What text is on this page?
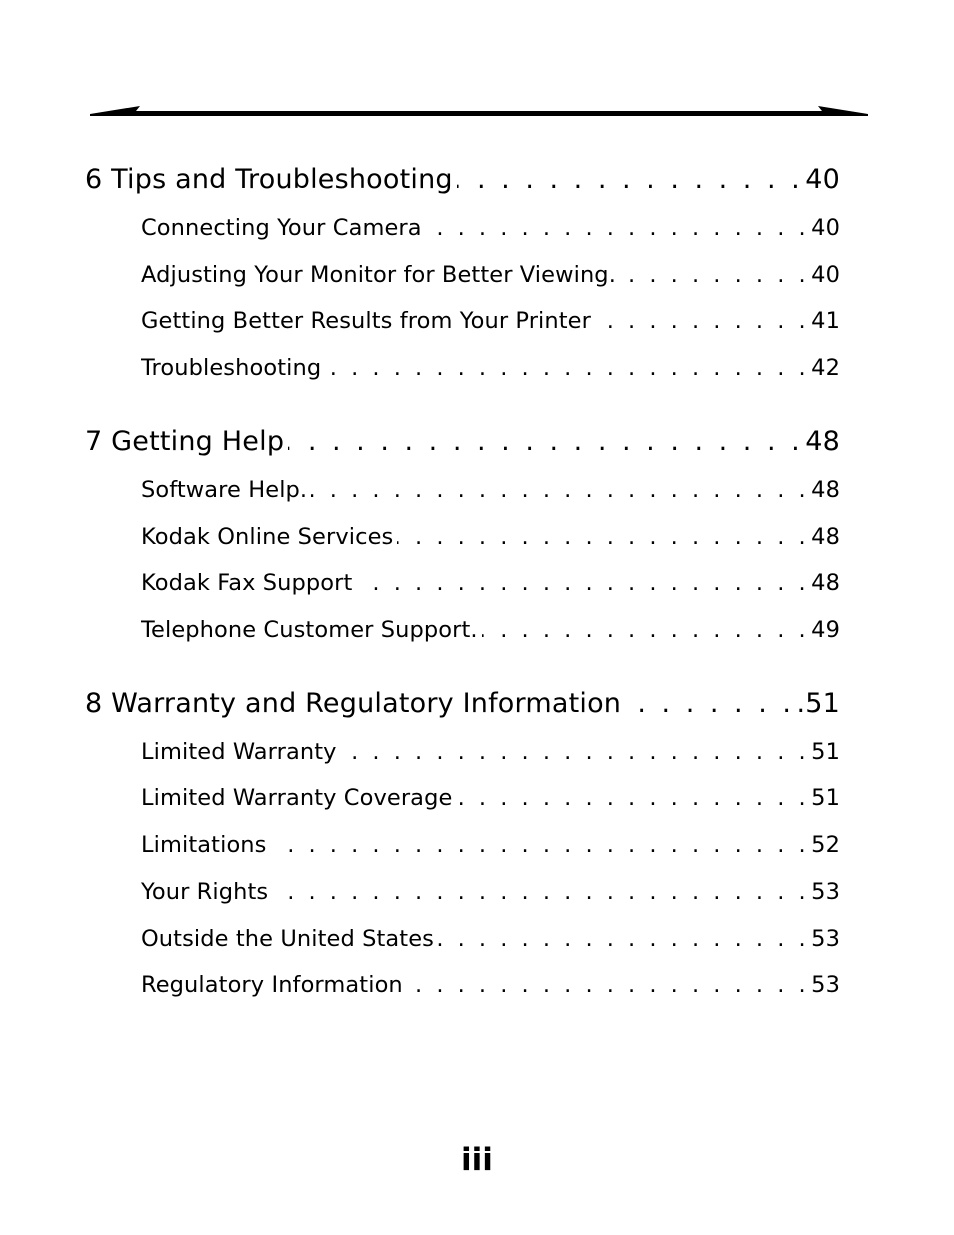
6 Tips and Troubleshooting . . .	40
Connecting Your Camera . . .	40
Adjusting Your Monitor for Better Viewing. . . .	40
Getting Better Results from Your Printer . . .	41
Troubleshooting . . .	42
7 Getting Help . . .	48
Software Help. . . .	48
Kodak Online Services . . .	48
Kodak Fax Support . . .	48
Telephone Customer Support. . . .	49
8 Warranty and Regulatory Information . . .	.51
Limited Warranty . . .	51
Limited Warranty Coverage . . .	51
Limitations . . .	52
Your Rights . . .	53
Outside the United States . . .	53
Regulatory Information . . .	53
iii
